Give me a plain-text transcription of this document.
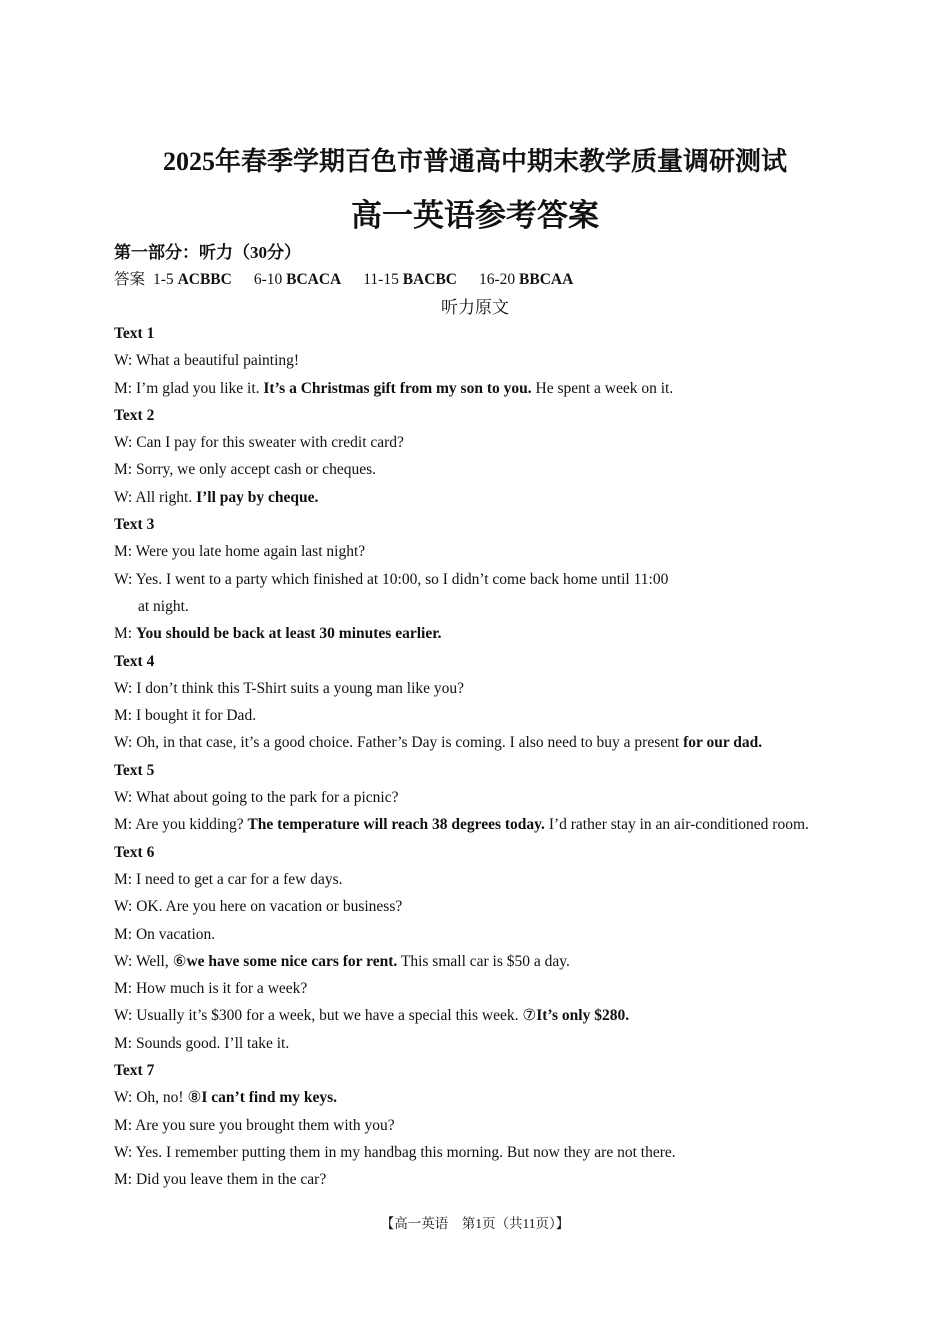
2025年春季学期百色市普通高中期末教学质量调研测试
高一英语参考答案
第一部分：听力（30分）
答案 1-5 ACBBC 6-10 BCACA 11-15 BACBC 16-20 BBCAA
听力原文
Text 1
W: What a beautiful painting!
M: I’m glad you like it. It’s a Christmas gift from my son to you. He spent a week on it.
Text 2
W: Can I pay for this sweater with credit card?
M: Sorry, we only accept cash or cheques.
W: All right. I’ll pay by cheque.
Text 3
M: Were you late home again last night?
W: Yes. I went to a party which finished at 10:00, so I didn’t come back home until 11:00
at night.
M: You should be back at least 30 minutes earlier.
Text 4
W: I don’t think this T-Shirt suits a young man like you?
M: I bought it for Dad.
W: Oh, in that case, it’s a good choice. Father’s Day is coming. I also need to buy a present for our dad.
Text 5
W: What about going to the park for a picnic?
M: Are you kidding? The temperature will reach 38 degrees today. I’d rather stay in an air-conditioned room.
Text 6
M: I need to get a car for a few days.
W: OK. Are you here on vacation or business?
M: On vacation.
W: Well, ⑥we have some nice cars for rent. This small car is $50 a day.
M: How much is it for a week?
W: Usually it’s $300 for a week, but we have a special this week. ⑦It’s only $280.
M: Sounds good. I’ll take it.
Text 7
W: Oh, no! ⑧I can’t find my keys.
M: Are you sure you brought them with you?
W: Yes. I remember putting them in my handbag this morning. But now they are not there.
M: Did you leave them in the car?
【高一英语　第1页（共11页）】
